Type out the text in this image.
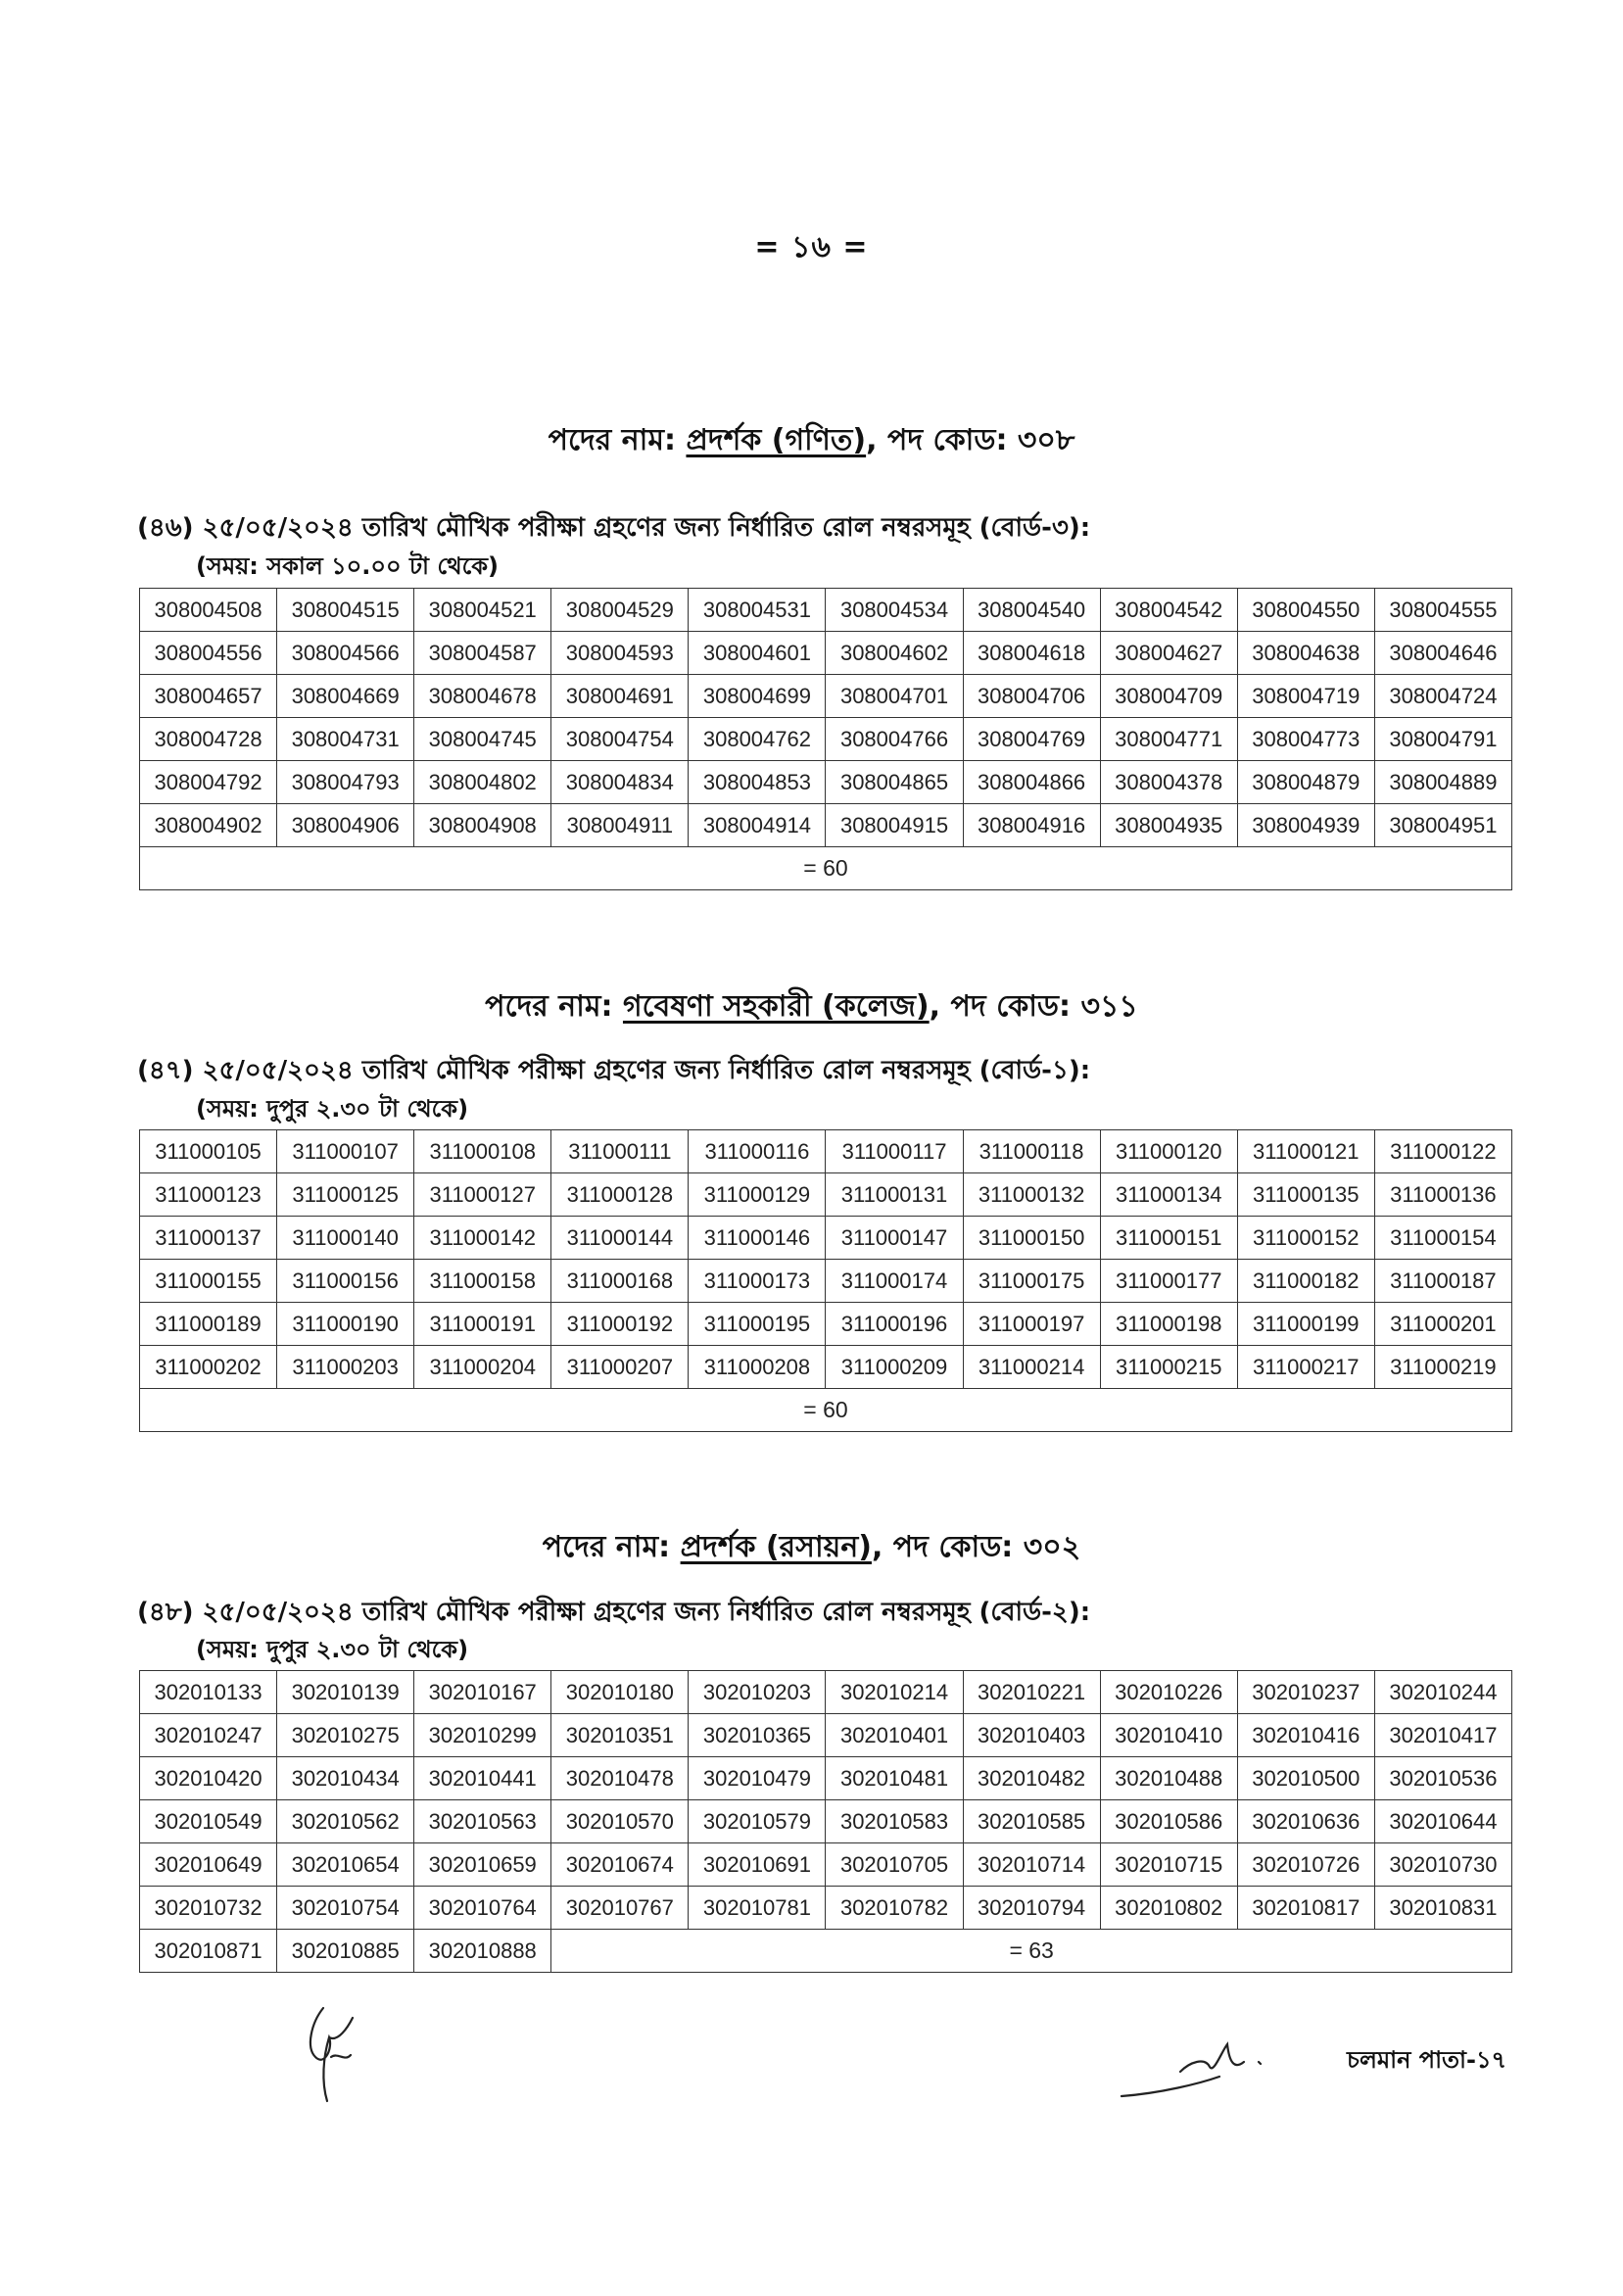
= ১৬ =
পদের নাম: প্রদর্শক (গণিত), পদ কোড: ৩০৮
(৪৬) ২৫/০৫/২০২৪ তারিখ মৌখিক পরীক্ষা গ্রহণের জন্য নির্ধারিত রোল নম্বরসমূহ (বোর্ড-৩):
(সময়: সকাল ১০.০০ টা থেকে)
308004508	308004515	308004521	308004529	308004531	308004534	308004540	308004542	308004550	308004555
308004556	308004566	308004587	308004593	308004601	308004602	308004618	308004627	308004638	308004646
308004657	308004669	308004678	308004691	308004699	308004701	308004706	308004709	308004719	308004724
308004728	308004731	308004745	308004754	308004762	308004766	308004769	308004771	308004773	308004791
308004792	308004793	308004802	308004834	308004853	308004865	308004866	308004378	308004879	308004889
308004902	308004906	308004908	308004911	308004914	308004915	308004916	308004935	308004939	308004951
= 60									
পদের নাম: গবেষণা সহকারী (কলেজ), পদ কোড: ৩১১
(৪৭) ২৫/০৫/২০২৪ তারিখ মৌখিক পরীক্ষা গ্রহণের জন্য নির্ধারিত রোল নম্বরসমূহ (বোর্ড-১):
(সময়: দুপুর ২.৩০ টা থেকে)
311000105	311000107	311000108	311000111	311000116	311000117	311000118	311000120	311000121	311000122
311000123	311000125	311000127	311000128	311000129	311000131	311000132	311000134	311000135	311000136
311000137	311000140	311000142	311000144	311000146	311000147	311000150	311000151	311000152	311000154
311000155	311000156	311000158	311000168	311000173	311000174	311000175	311000177	311000182	311000187
311000189	311000190	311000191	311000192	311000195	311000196	311000197	311000198	311000199	311000201
311000202	311000203	311000204	311000207	311000208	311000209	311000214	311000215	311000217	311000219
= 60									
পদের নাম: প্রদর্শক (রসায়ন), পদ কোড: ৩০২
(৪৮) ২৫/০৫/২০২৪ তারিখ মৌখিক পরীক্ষা গ্রহণের জন্য নির্ধারিত রোল নম্বরসমূহ (বোর্ড-২):
(সময়: দুপুর ২.৩০ টা থেকে)
302010133	302010139	302010167	302010180	302010203	302010214	302010221	302010226	302010237	302010244
302010247	302010275	302010299	302010351	302010365	302010401	302010403	302010410	302010416	302010417
302010420	302010434	302010441	302010478	302010479	302010481	302010482	302010488	302010500	302010536
302010549	302010562	302010563	302010570	302010579	302010583	302010585	302010586	302010636	302010644
302010649	302010654	302010659	302010674	302010691	302010705	302010714	302010715	302010726	302010730
302010732	302010754	302010764	302010767	302010781	302010782	302010794	302010802	302010817	302010831
302010871	302010885	302010888	= 63						
চলমান পাতা-১৭
